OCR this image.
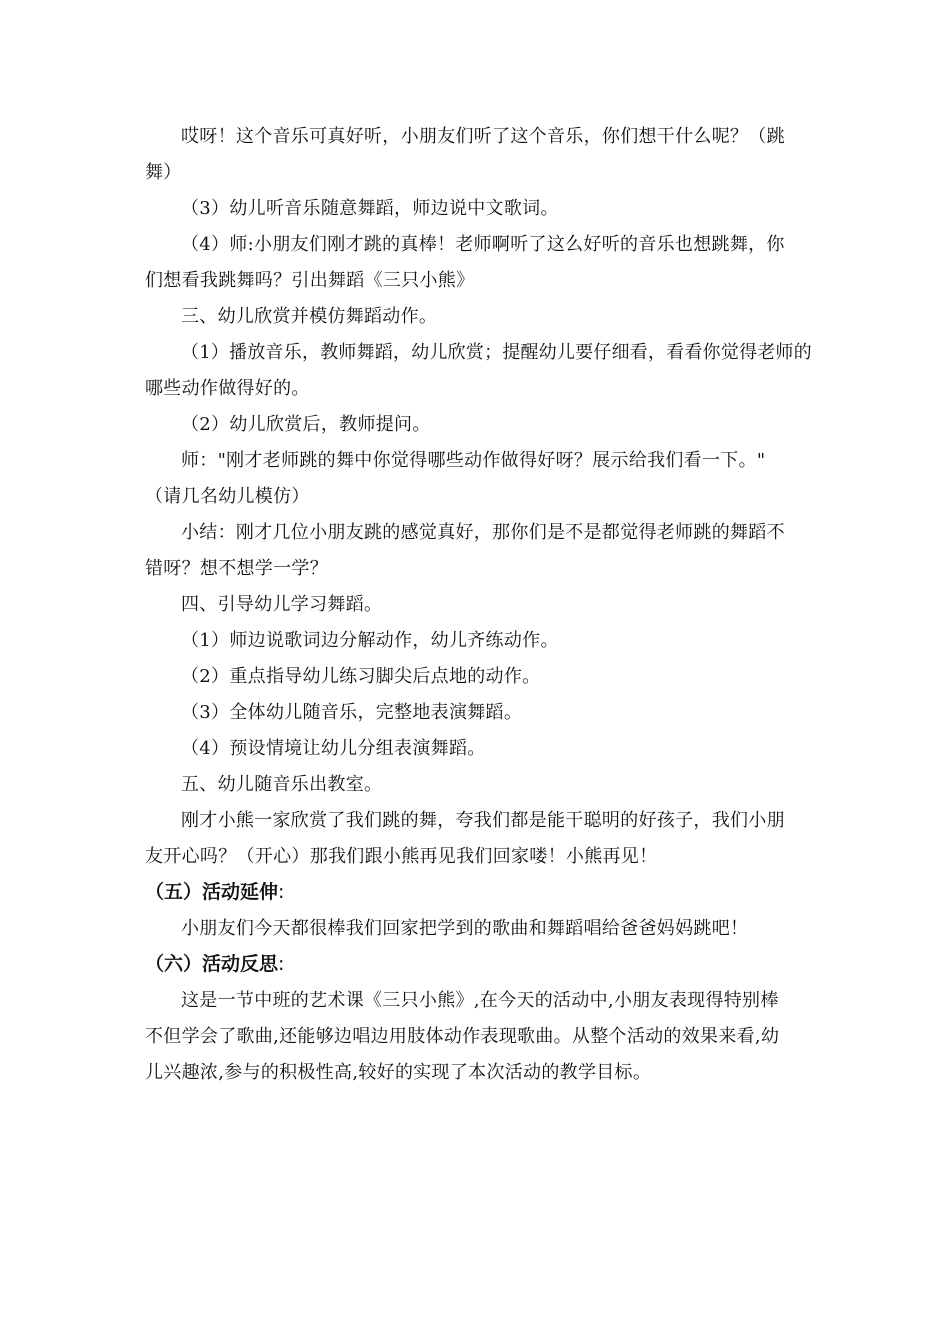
哎呀！这个音乐可真好听，小朋友们听了这个音乐，你们想干什么呢？（跳
舞）
（3）幼儿听音乐随意舞蹈，师边说中文歌词。
（4）师:小朋友们刚才跳的真棒！老师啊听了这么好听的音乐也想跳舞，你
们想看我跳舞吗？引出舞蹈《三只小熊》
三、幼儿欣赏并模仿舞蹈动作。
（1）播放音乐，教师舞蹈，幼儿欣赏；提醒幼儿要仔细看，看看你觉得老师的
哪些动作做得好的。
（2）幼儿欣赏后，教师提问。
师："刚才老师跳的舞中你觉得哪些动作做得好呀？展示给我们看一下。"
（请几名幼儿模仿）
小结：刚才几位小朋友跳的感觉真好，那你们是不是都觉得老师跳的舞蹈不
错呀？想不想学一学？
四、引导幼儿学习舞蹈。
（1）师边说歌词边分解动作，幼儿齐练动作。
（2）重点指导幼儿练习脚尖后点地的动作。
（3）全体幼儿随音乐，完整地表演舞蹈。
（4）预设情境让幼儿分组表演舞蹈。
五、幼儿随音乐出教室。
刚才小熊一家欣赏了我们跳的舞，夸我们都是能干聪明的好孩子，我们小朋
友开心吗？（开心）那我们跟小熊再见我们回家喽！小熊再见！
（五）活动延伸:
小朋友们今天都很棒我们回家把学到的歌曲和舞蹈唱给爸爸妈妈跳吧！
（六）活动反思:
这是一节中班的艺术课《三只小熊》,在今天的活动中,小朋友表现得特别棒
不但学会了歌曲,还能够边唱边用肢体动作表现歌曲。从整个活动的效果来看,幼
儿兴趣浓,参与的积极性高,较好的实现了本次活动的教学目标。
